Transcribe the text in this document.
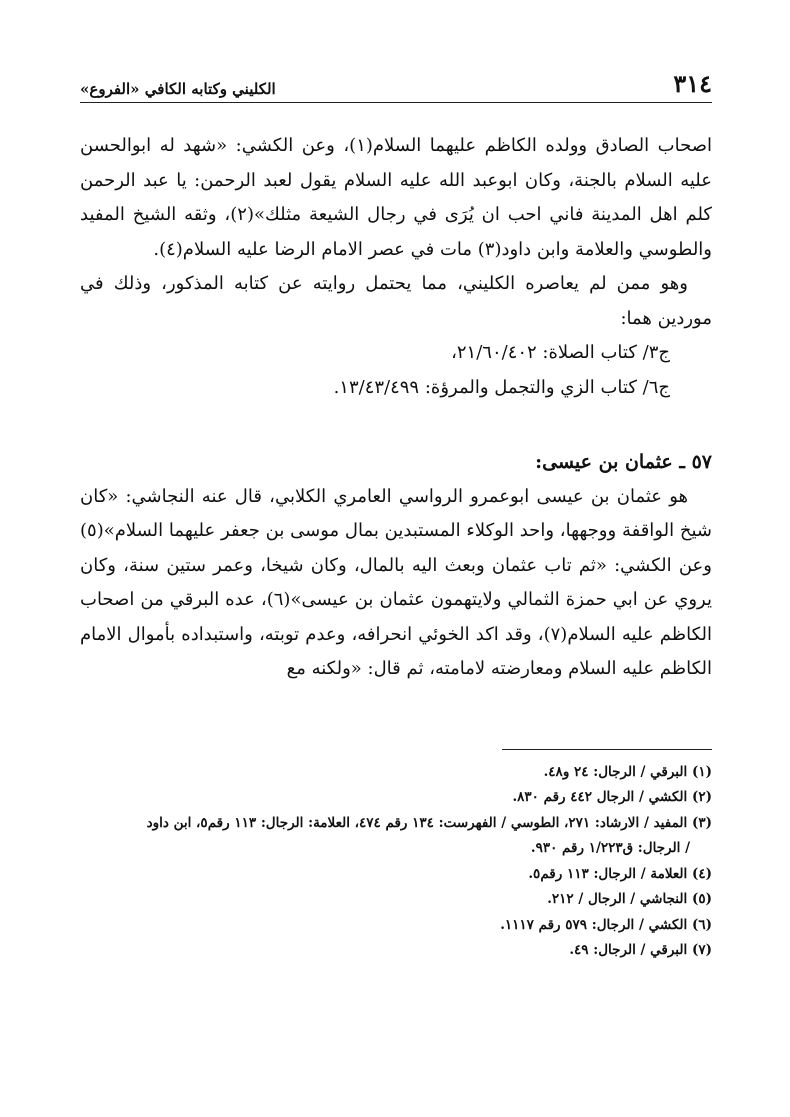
٣١٤
الكليني وكتابه الكافي «الفروع»

اصحاب الصادق وولده الكاظم عليهما السلام(١)، وعن الكشي: «شهد له ابوالحسن عليه السلام بالجنة، وكان ابوعبد الله عليه السلام يقول لعبد الرحمن: يا عبد الرحمن كلم اهل المدينة فاني احب ان يُرَى في رجال الشيعة مثلك»(٢)، وثقه الشيخ المفيد والطوسي والعلامة وابن داود(٣) مات في عصر الامام الرضا عليه السلام(٤).

وهو ممن لم يعاصره الكليني، مما يحتمل روايته عن كتابه المذكور، وذلك في موردين هما:

ج٣/ كتاب الصلاة: ٢١/٦٠/٤٠٢،
ج٦/ كتاب الزي والتجمل والمرؤة: ١٣/٤٣/٤٩٩.

٥٧ ـ عثمان بن عيسى:

هو عثمان بن عيسى ابوعمرو الرواسي العامري الكلابي، قال عنه النجاشي: «كان شيخ الواقفة ووجهها، واحد الوكلاء المستبدين بمال موسى بن جعفر عليهما السلام»(٥) وعن الكشي: «ثم تاب عثمان وبعث اليه بالمال، وكان شيخا، وعمر ستين سنة، وكان يروي عن ابي حمزة الثمالي ولايتهمون عثمان بن عيسى»(٦)، عده البرقي من اصحاب الكاظم عليه السلام(٧)، وقد اكد الخوئي انحرافه، وعدم توبته، واستبداده بأموال الامام الكاظم عليه السلام ومعارضته لامامته، ثم قال: «ولكنه مع

(١) البرقي / الرجال: ٢٤ و٤٨.
(٢) الكشي / الرجال ٤٤٢ رقم ٨٣٠.
(٣) المفيد / الارشاد: ٢٧١، الطوسي / الفهرست: ١٣٤ رقم ٤٧٤، العلامة: الرجال: ١١٣ رقم٥، ابن داود
/ الرجال: ق١/٢٢٣ رقم ٩٣٠.
(٤) العلامة / الرجال: ١١٣ رقم٥.
(٥) النجاشي / الرجال / ٢١٢.
(٦) الكشي / الرجال: ٥٧٩ رقم ١١١٧.
(٧) البرقي / الرجال: ٤٩.
